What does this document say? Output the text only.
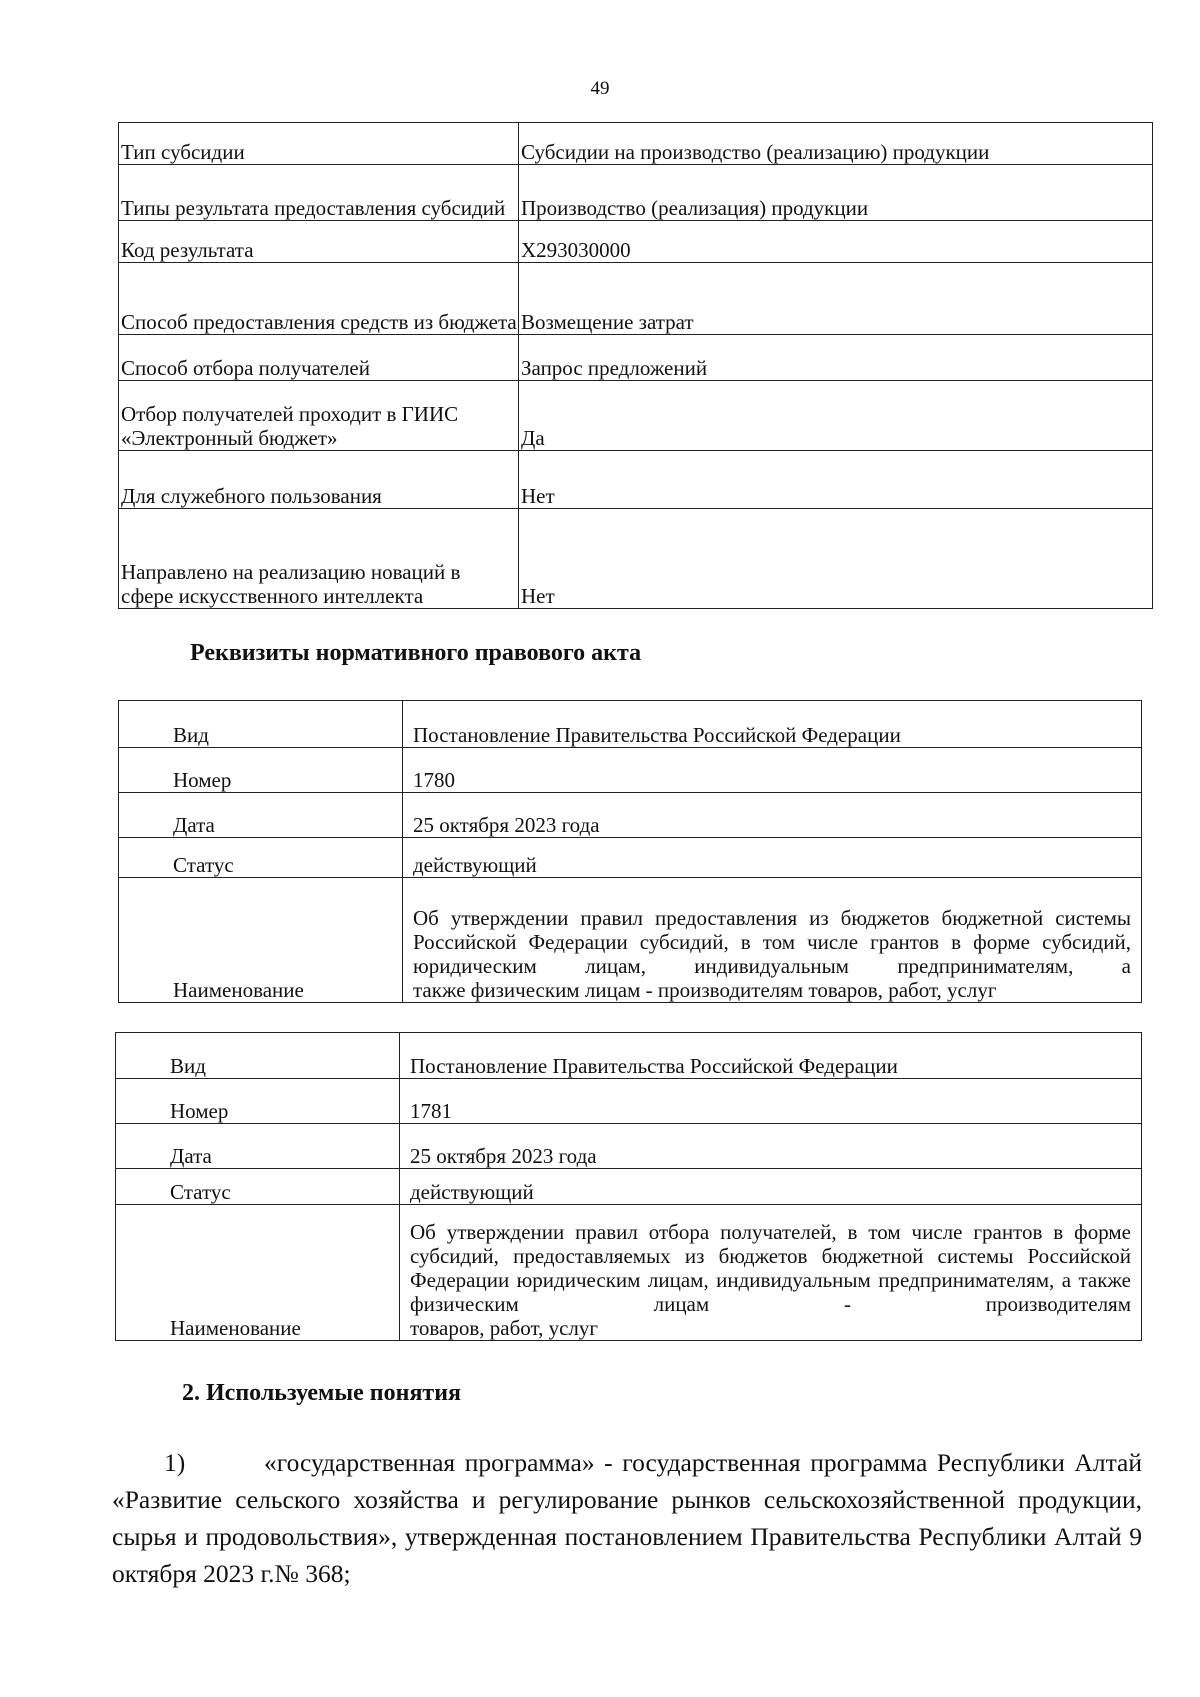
49
Тип субсидии	Субсидии на производство (реализацию) продукции
Типы результата предоставления субсидий	Производство (реализация) продукции
Код результата	X293030000
Способ предоставления средств из бюджета	Возмещение затрат
Способ отбора получателей	Запрос предложений
Отбор получателей проходит в ГИИС «Электронный бюджет»	Да
Для служебного пользования	Нет
Направлено на реализацию новаций в сфере искусственного интеллекта	Нет
Реквизиты нормативного правового акта
Вид	Постановление Правительства Российской Федерации
Номер	1780
Дата	25 октября 2023 года
Статус	действующий
Наименование	Об утверждении правил предоставления из бюджетов бюджетной системы Российской Федерации субсидий, в том числе грантов в форме субсидий, юридическим лицам, индивидуальным предпринимателям, а
также физическим лицам - производителям товаров, работ, услуг
Вид	Постановление Правительства Российской Федерации
Номер	1781
Дата	25 октября 2023 года
Статус	действующий
Наименование	Об утверждении правил отбора получателей, в том числе грантов в форме субсидий, предоставляемых из бюджетов бюджетной системы Российской Федерации юридическим лицам, индивидуальным предпринимателям, а также физическим лицам - производителям
товаров, работ, услуг
2. Используемые понятия
1)	«государственная программа» - государственная программа Республики Алтай «Развитие сельского хозяйства и регулирование рынков сельскохозяйственной продукции, сырья и продовольствия», утвержденная постановлением Правительства Республики Алтай 9 октября 2023 г.№ 368;
